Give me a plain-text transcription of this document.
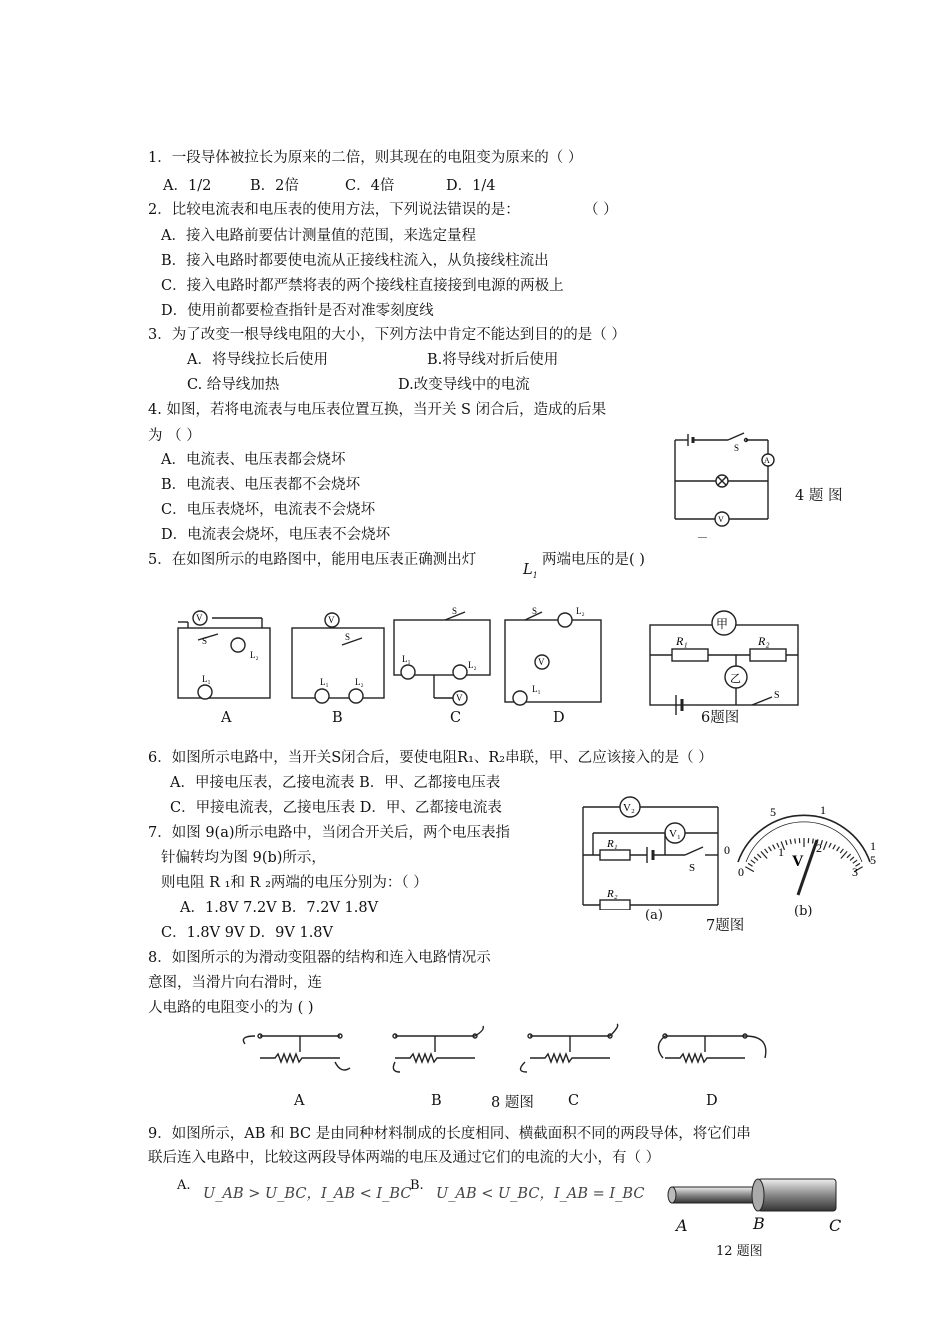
1．一段导体被拉长为原来的二倍，则其现在的电阻变为原来的（ ）
A．1/2	B．2倍	C．4倍	D．1/4
2．比较电流表和电压表的使用方法，下列说法错误的是：	（ ）
A．接入电路前要估计测量值的范围，来选定量程
B．接入电路时都要使电流从正接线柱流入，从负接线柱流出
C．接入电路时都严禁将表的两个接线柱直接接到电源的两极上
D．使用前都要检查指针是否对准零刻度线
3．为了改变一根导线电阻的大小，下列方法中肯定不能达到目的的是（ ）
A．将导线拉长后使用	B.将导线对折后使用
C. 给导线加热	D.改变导线中的电流
4. 如图，若将电流表与电压表位置互换，当开关 S 闭合后，造成的后果
为 （ ）
A．电流表、电压表都会烧坏
B．电流表、电压表都不会烧坏
C．电压表烧坏，电流表不会烧坏
D．电流表会烧坏，电压表不会烧坏
S
A
V
—
4 题 图
5．在如图所示的电路图中，能用电压表正确测出灯
$L_1$
两端电压的是( )
V	V
V
V
S	S
S	S
L₂
L₁	L₁	L₂
L₁
L₂
L₂
L₁
A	B	C	D
甲
乙
R₁	R₂
S
6题图
6．如图所示电路中，当开关S闭合后，要使电阻R₁、R₂串联，甲、乙应该接入的是（ ）
A．甲接电压表，乙接电流表 B．甲、乙都接电压表
C．甲接电流表，乙接电压表 D．甲、乙都接电流表
7．如图 9(a)所示电路中，当闭合开关后，两个电压表指
针偏转均为图 9(b)所示，
则电阻 R ₁和 R ₂两端的电压分别为：（ ）
A．1.8V 7.2V B．7.2V 1.8V
C．1.8V 9V D．9V 1.8V
V₂
V₁
R₁
R₂
S
(a)
7题图
5	1
1
5
0
0
1	2
3
V
(b)
8．如图所示的为滑动变阻器的结构和连入电路情况示
意图，当滑片向右滑时，连
人电路的电阻变小的为 ( )
A	B	8 题图 C	D
9．如图所示，AB 和 BC 是由同种材料制成的长度相同、横截面积不同的两段导体，将它们串
联后连入电路中，比较这两段导体两端的电压及通过它们的电流的大小，有（ ）
A.
U_AB > U_BC，I_AB < I_BC
B.
U_AB < U_BC，I_AB = I_BC
A	B	C
12 题图
